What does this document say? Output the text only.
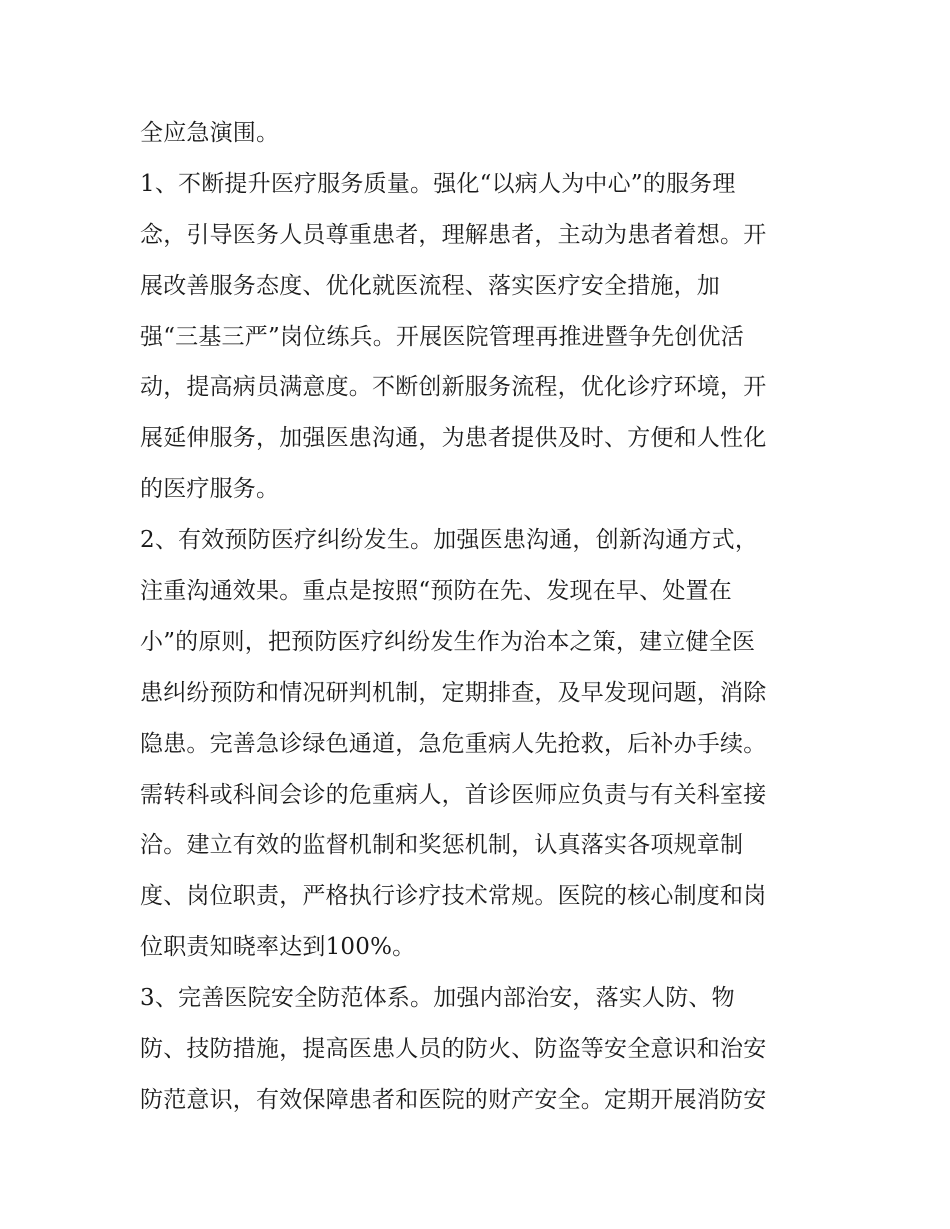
全应急演围。
1、不断提升医疗服务质量。强化“以病人为中心”的服务理
念，引导医务人员尊重患者，理解患者，主动为患者着想。开
展改善服务态度、优化就医流程、落实医疗安全措施，加
强“三基三严”岗位练兵。开展医院管理再推进暨争先创优活
动，提高病员满意度。不断创新服务流程，优化诊疗环境，开
展延伸服务，加强医患沟通，为患者提供及时、方便和人性化
的医疗服务。
2、有效预防医疗纠纷发生。加强医患沟通，创新沟通方式，
注重沟通效果。重点是按照“预防在先、发现在早、处置在
小”的原则，把预防医疗纠纷发生作为治本之策，建立健全医
患纠纷预防和情况研判机制，定期排查，及早发现问题，消除
隐患。完善急诊绿色通道，急危重病人先抢救，后补办手续。
需转科或科间会诊的危重病人，首诊医师应负责与有关科室接
洽。建立有效的监督机制和奖惩机制，认真落实各项规章制
度、岗位职责，严格执行诊疗技术常规。医院的核心制度和岗
位职责知晓率达到100%。
3、完善医院安全防范体系。加强内部治安，落实人防、物
防、技防措施，提高医患人员的防火、防盗等安全意识和治安
防范意识，有效保障患者和医院的财产安全。定期开展消防安
